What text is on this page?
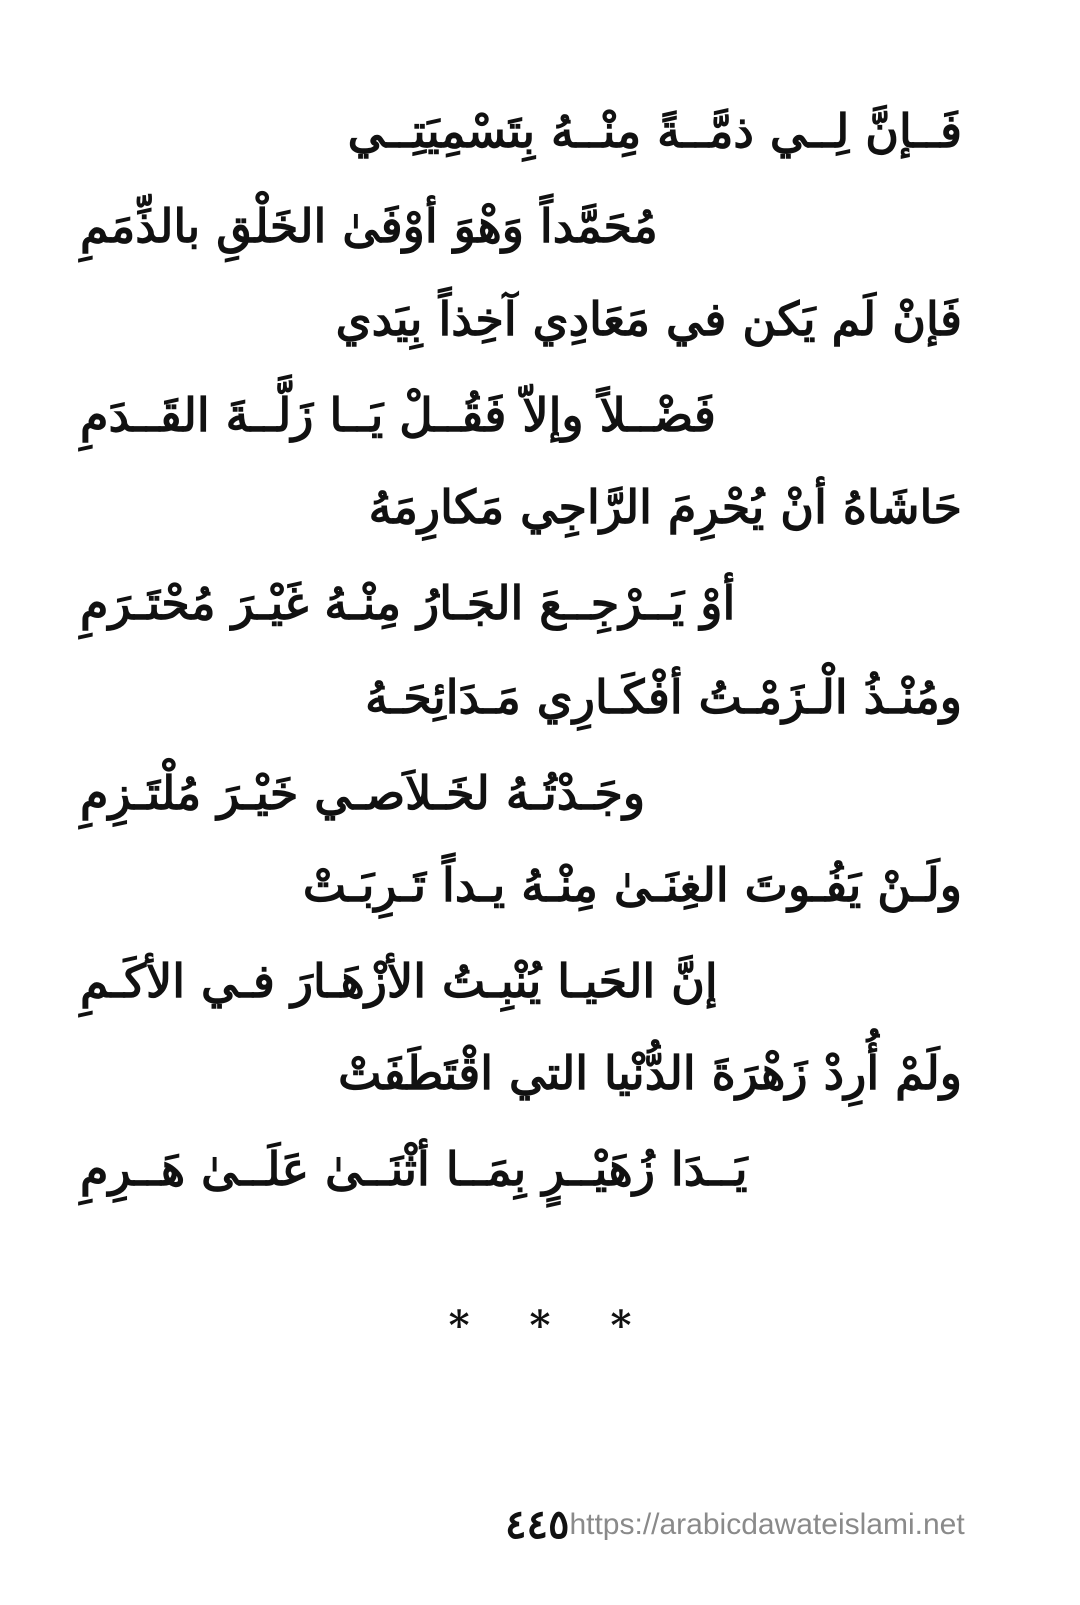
فَــإنَّ لِــي ذمَّــةً مِنْــهُ بِتَسْمِيَتِــي
مُحَمَّداً وَهْوَ أوْفَىٰ الخَلْقِ بالذِّمَمِ
فَإنْ لَم يَكن في مَعَادِي آخِذاً بِيَدي
فَضْــلاً وإلاّ فَقُــلْ يَــا زَلَّــةَ القَــدَمِ
حَاشَاهُ أنْ يُحْرِمَ الرَّاجِي مَكارِمَهُ
أوْ يَــرْجِــعَ الجَـارُ مِنْـهُ غَيْـرَ مُحْتَـرَمِ
ومُنْـذُ الْـزَمْـتُ أفْكَـارِي مَـدَائِحَـهُ
وجَـدْتُـهُ لخَـلاَصـي خَيْـرَ مُلْتَـزِمِ
ولَـنْ يَفُـوتَ الغِنَـىٰ مِنْـهُ يـداً تَـرِبَـتْ
إنَّ الحَيـا يُنْبِـتُ الأزْهَـارَ فـي الأكَـمِ
ولَمْ أُرِدْ زَهْرَةَ الدُّنْيا التي اقْتَطَفَتْ
يَــدَا زُهَيْــرٍ بِمَــا أثْنَــىٰ عَلَــىٰ هَــرِمِ
***
٤٤٥https://arabicdawateislami.net
